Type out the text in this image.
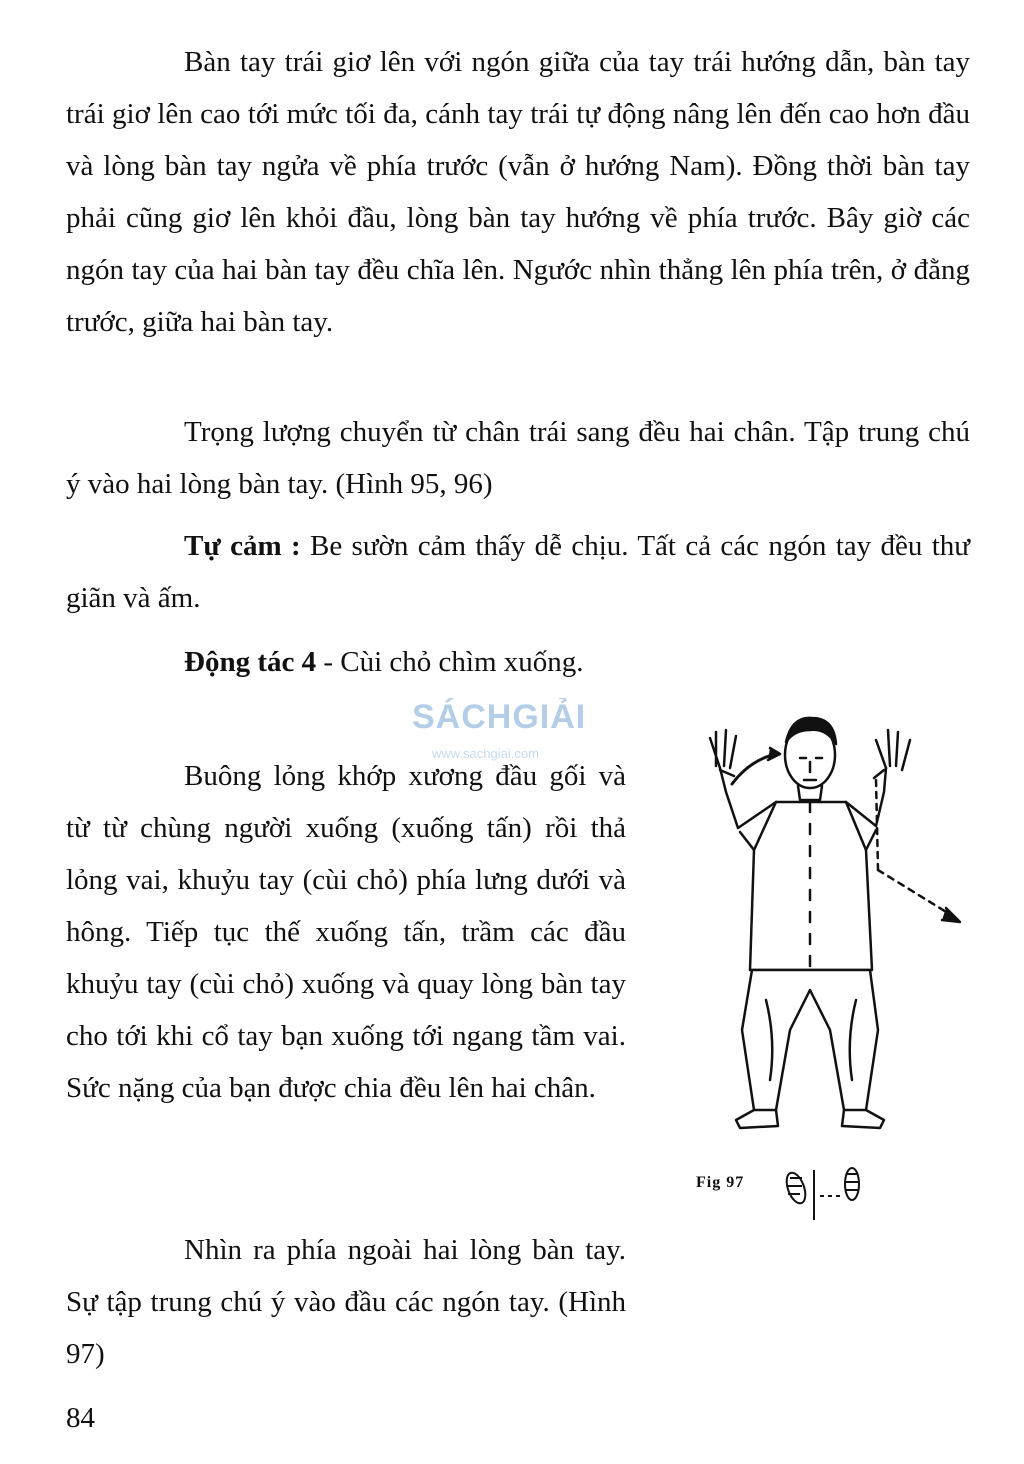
Bàn tay trái giơ lên với ngón giữa của tay trái hướng dẫn, bàn tay trái giơ lên cao tới mức tối đa, cánh tay trái tự động nâng lên đến cao hơn đầu và lòng bàn tay ngửa về phía trước (vẫn ở hướng Nam). Đồng thời bàn tay phải cũng giơ lên khỏi đầu, lòng bàn tay hướng về phía trước. Bây giờ các ngón tay của hai bàn tay đều chĩa lên. Ngước nhìn thẳng lên phía trên, ở đằng trước, giữa hai bàn tay.

Trọng lượng chuyển từ chân trái sang đều hai chân. Tập trung chú ý vào hai lòng bàn tay. (Hình 95, 96)

Tự cảm : Be sườn cảm thấy dễ chịu. Tất cả các ngón tay đều thư giãn và ấm.

Động tác 4 - Cùi chỏ chìm xuống.

Buông lỏng khớp xương đầu gối và từ từ chùng người xuống (xuống tấn) rồi thả lỏng vai, khuỷu tay (cùi chỏ) phía lưng dưới và hông. Tiếp tục thế xuống tấn, trầm các đầu khuỷu tay (cùi chỏ) xuống và quay lòng bàn tay cho tới khi cổ tay bạn xuống tới ngang tầm vai. Sức nặng của bạn được chia đều lên hai chân.

Nhìn ra phía ngoài hai lòng bàn tay. Sự tập trung chú ý vào đầu các ngón tay. (Hình 97)

SÁCHGIẢI
www.sachgiai.com
Fig 97
84
